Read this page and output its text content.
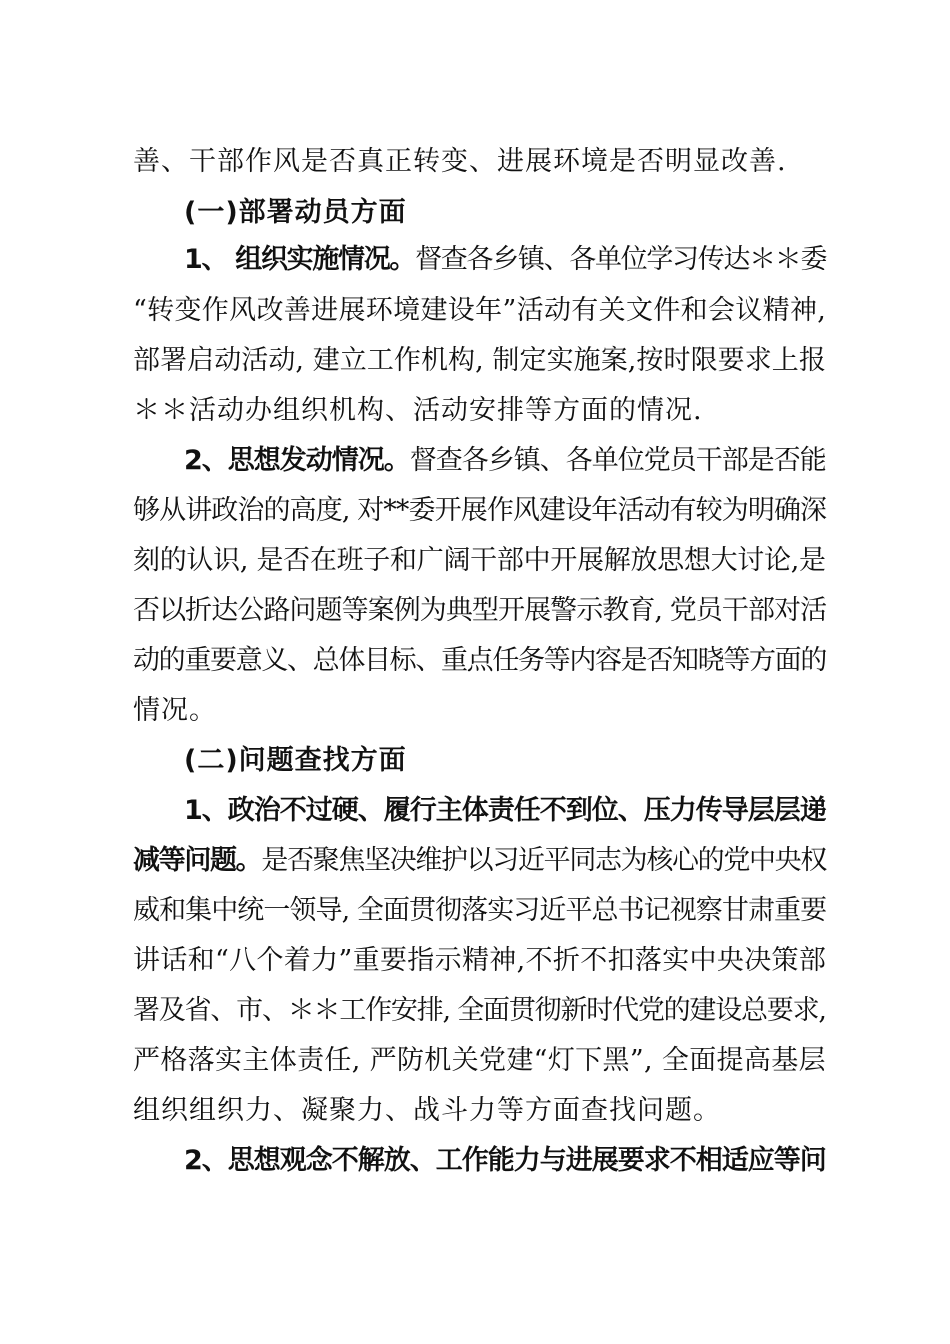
善、干部作风是否真正转变、进展环境是否明显改善.
(一)部署动员方面
1、 组织实施情况。督查各乡镇、各单位学习传达＊＊委
“转变作风改善进展环境建设年”活动有关文件和会议精神,
部署启动活动, 建立工作机构, 制定实施案,按时限要求上报
＊＊活动办组织机构、活动安排等方面的情况.
2、思想发动情况。督查各乡镇、各单位党员干部是否能
够从讲政治的高度, 对**委开展作风建设年活动有较为明确深
刻的认识, 是否在班子和广阔干部中开展解放思想大讨论,是
否以折达公路问题等案例为典型开展警示教育, 党员干部对活
动的重要意义、总体目标、重点任务等内容是否知晓等方面的
情况。
(二)问题查找方面
1、政治不过硬、履行主体责任不到位、压力传导层层递
减等问题。是否聚焦坚决维护以习近平同志为核心的党中央权
威和集中统一领导, 全面贯彻落实习近平总书记视察甘肃重要
讲话和“八个着力”重要指示精神,不折不扣落实中央决策部
署及省、市、＊＊工作安排, 全面贯彻新时代党的建设总要求,
严格落实主体责任, 严防机关党建“灯下黑”, 全面提高基层
组织组织力、凝聚力、战斗力等方面查找问题。
2、思想观念不解放、工作能力与进展要求不相适应等问
